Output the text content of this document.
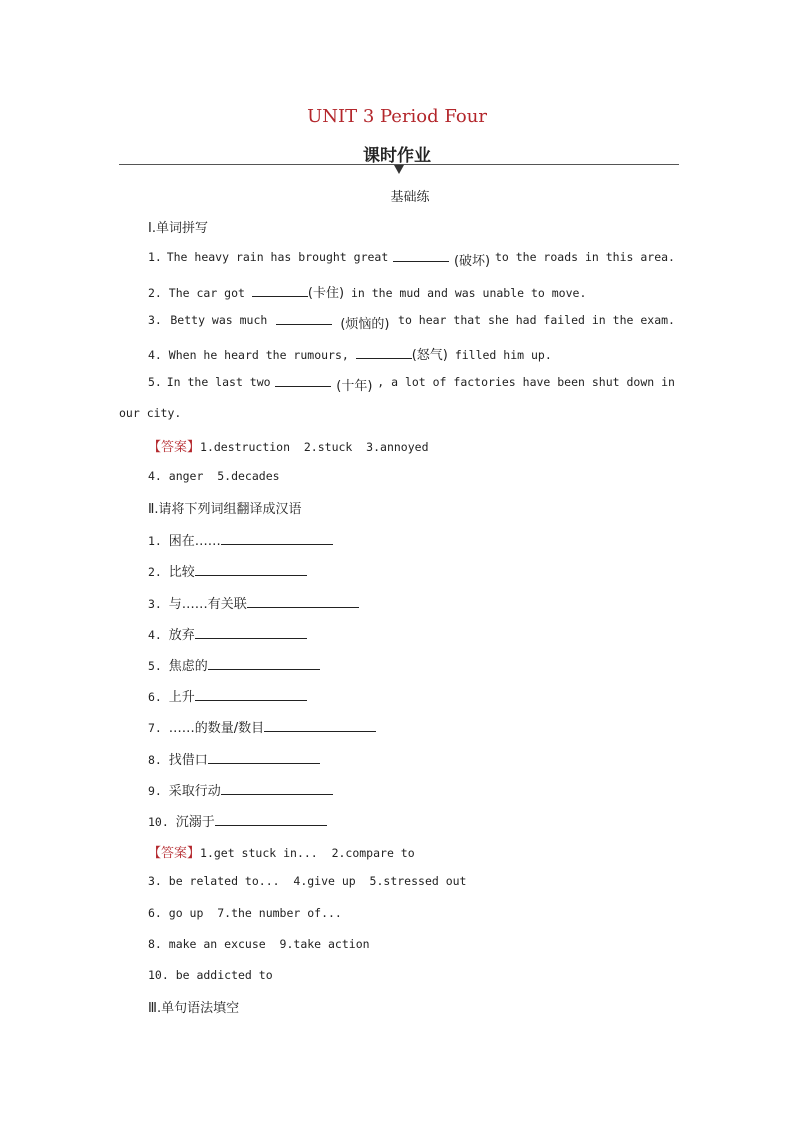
UNIT 3 Period Four
课时作业
基础练
Ⅰ.单词拼写
1. The heavy rain has brought great	(破坏) to the roads in this area.
2. The car got	(卡住) in the mud and was unable to move.
3. Betty was much	(烦恼的) to hear that she had failed in the exam.
4. When he heard the rumours,	(怒气) filled him up.
5. In the last two	(十年) , a lot of factories have been shut down in
our city.
【答案】1.destruction  2.stuck  3.annoyed
4. anger  5.decades
Ⅱ.请将下列词组翻译成汉语
1. 困在……
2. 比较
3. 与……有关联
4. 放弃
5. 焦虑的
6. 上升
7. ……的数量/数目
8. 找借口
9. 采取行动
10. 沉溺于
【答案】1.get stuck in...  2.compare to
3. be related to...  4.give up  5.stressed out
6. go up  7.the number of...
8. make an excuse  9.take action
10. be addicted to
Ⅲ.单句语法填空
